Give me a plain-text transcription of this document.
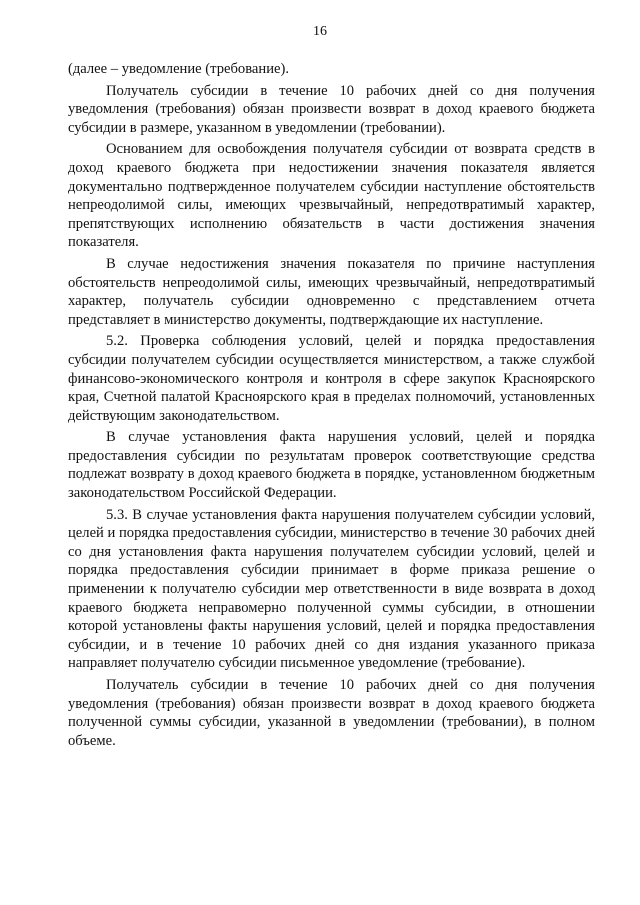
16

(далее – уведомление (требование).

Получатель субсидии в течение 10 рабочих дней со дня получения уведомления (требования) обязан произвести возврат в доход краевого бюджета субсидии в размере, указанном в уведомлении (требовании).

Основанием для освобождения получателя субсидии от возврата средств в доход краевого бюджета при недостижении значения показателя является документально подтвержденное получателем субсидии наступление обстоятельств непреодолимой силы, имеющих чрезвычайный, непредотвратимый характер, препятствующих исполнению обязательств в части достижения значения показателя.

В случае недостижения значения показателя по причине наступления обстоятельств непреодолимой силы, имеющих чрезвычайный, непредотвратимый характер, получатель субсидии одновременно с представлением отчета представляет в министерство документы, подтверждающие их наступление.

5.2. Проверка соблюдения условий, целей и порядка предоставления субсидии получателем субсидии осуществляется министерством, а также службой финансово-экономического контроля и контроля в сфере закупок Красноярского края, Счетной палатой Красноярского края в пределах полномочий, установленных действующим законодательством.

В случае установления факта нарушения условий, целей и порядка предоставления субсидии по результатам проверок соответствующие средства подлежат возврату в доход краевого бюджета в порядке, установленном бюджетным законодательством Российской Федерации.

5.3. В случае установления факта нарушения получателем субсидии условий, целей и порядка предоставления субсидии, министерство в течение 30 рабочих дней со дня установления факта нарушения получателем субсидии условий, целей и порядка предоставления субсидии принимает в форме приказа решение о применении к получателю субсидии мер ответственности в виде возврата в доход краевого бюджета неправомерно полученной суммы субсидии, в отношении которой установлены факты нарушения условий, целей и порядка предоставления субсидии, и в течение 10 рабочих дней со дня издания указанного приказа направляет получателю субсидии письменное уведомление (требование).

Получатель субсидии в течение 10 рабочих дней со дня получения уведомления (требования) обязан произвести возврат в доход краевого бюджета полученной суммы субсидии, указанной в уведомлении (требовании), в полном объеме.
